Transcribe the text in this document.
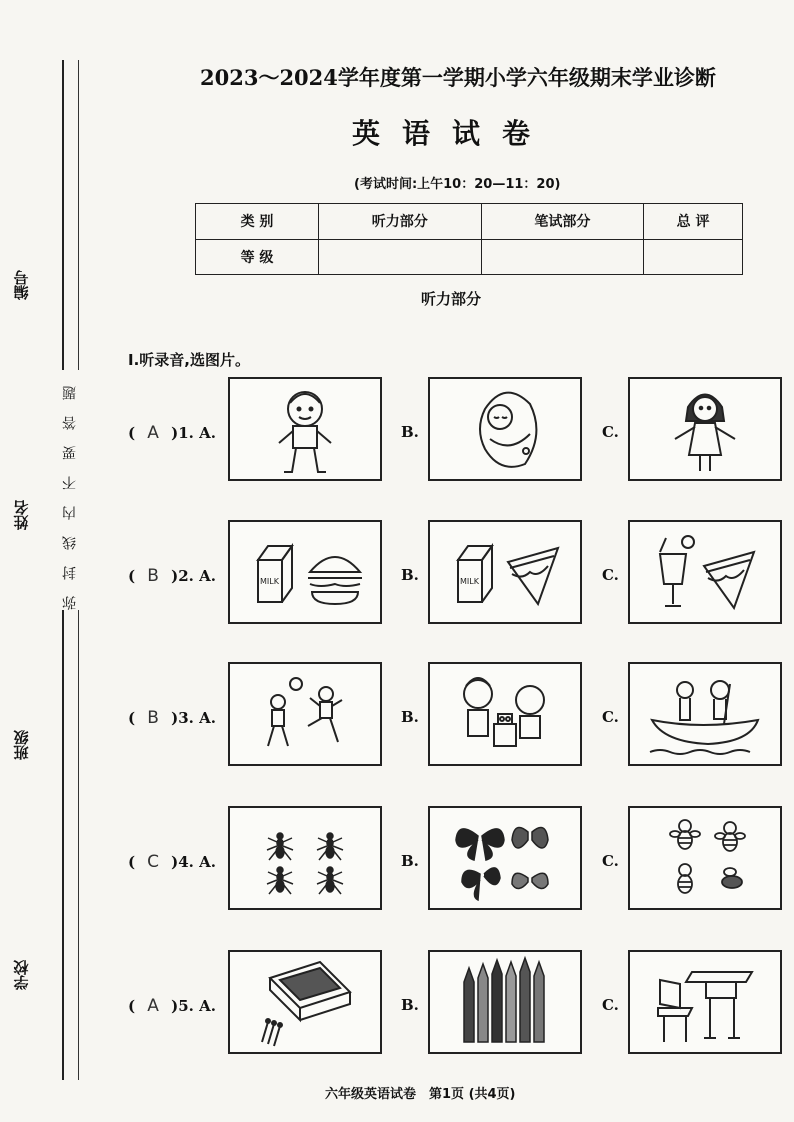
编号
姓名
班级
学校
弥封线内不要答题
2023～2024学年度第一学期小学六年级期末学业诊断
英语试卷
(考试时间:上午10：20—11：20)
类 别	听力部分	笔试部分	总 评
等 级			
听力部分
Ⅰ.听录音,选图片。
( A )1. A.	B.	C.
( B )2. A.	MILK	B.	MILK	C.
( B )3. A.	B.	C.
( C )4. A.	B.	C.
( A )5. A.	B.	C.
六年级英语试卷　第1页 (共4页)
